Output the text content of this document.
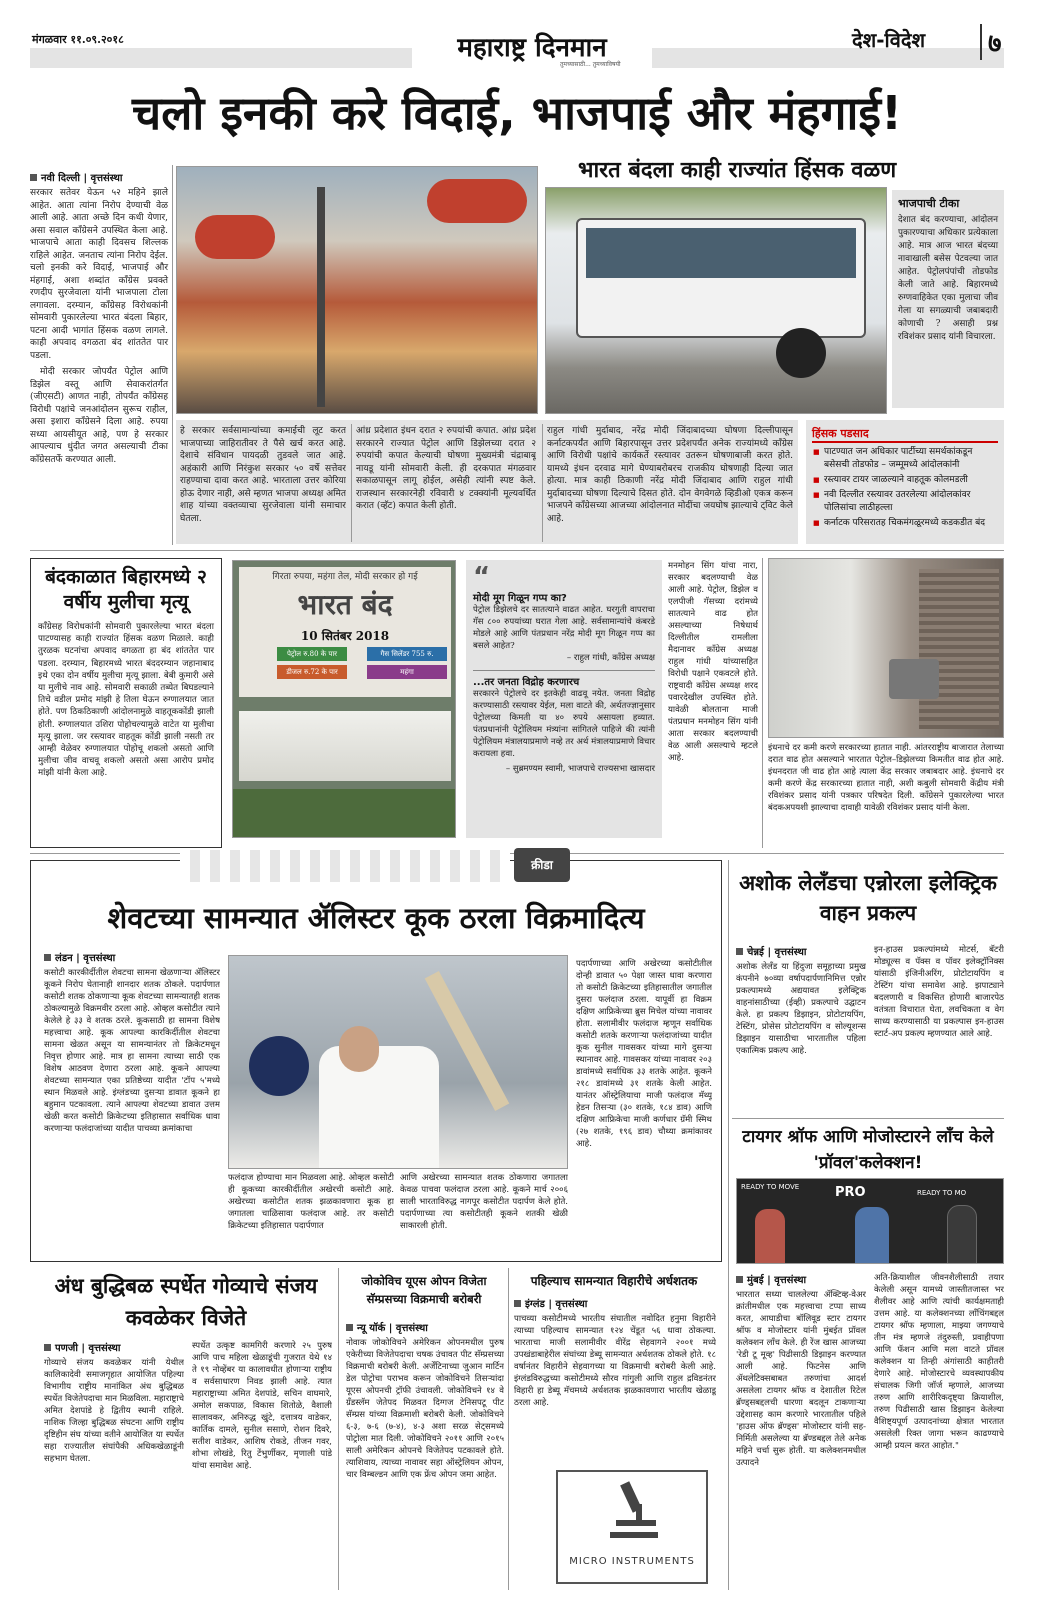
मंगळवार ११.०९.२०१८	महाराष्ट्र दिनमान
तुमच्यासाठी... तुमच्याविषयी
देश-विदेश	७
चलो इनकी करे विदाई, भाजपाई और मंहगाई!
नवी दिल्ली | वृत्तसंस्था
सरकार सतेवर येऊन ५२ महिने झाले आहेत. आता त्यांना निरोप देण्याची वेळ आली आहे. आता अच्छे दिन कधी येणार, असा सवाल काँग्रेसने उपस्थित केला आहे. भाजपाचे आता काही दिवसच शिल्लक राहिले आहेत. जनताच त्यांना निरोप देईल. चलो इनकी करे विदाई, भाजपाई और मंहगाई, अशा शब्दांत काँग्रेस प्रवक्ते रणदीप सुरजेवाला यांनी भाजपाला टोला लगावला. दरम्यान, काँग्रेसह विरोधकांनी सोमवारी पुकारलेल्या भारत बंदला बिहार, पटना आदी भागांत हिंसक वळण लागले. काही अपवाद वगळता बंद शांततेत पार पडला.
मोदी सरकार जोपर्यंत पेट्रोल आणि डिझेल वस्तू आणि सेवाकरांतर्गत (जीएसटी) आणत नाही, तोपर्यंत काँग्रेसह विरोधी पक्षांचे जनआंदोलन सुरूच राहील, असा इशारा काँग्रेसने दिला आहे. रुपया सध्या आयसीयूत आहे, पण हे सरकार आपल्याच धुंदीत जगत असल्याची टीका काँग्रेसतर्फे करण्यात आली.
भारत बंदला काही राज्यांत हिंसक वळण
भाजपाची टीका
देशात बंद करण्याचा, आंदोलन पुकारण्याचा अधिकार प्रत्येकाला आहे. मात्र आज भारत बंदच्या नावाखाली बसेस पेटवल्या जात आहेत. पेट्रोलपंपांची तोडफोड केली जाते आहे. बिहारमध्ये रुग्णवाहिकेत एका मुलाचा जीव गेला या सगळ्याची जबाबदारी कोणाची ? असाही प्रश्न रविशंकर प्रसाद यांनी विचारला.
हे सरकार सर्वसामान्यांच्या कमाईची लूट करत भाजपाच्या जाहिरातीवर ते पैसे खर्च करत आहे. देशाचे संविधान पायदळी तुडवले जात आहे. अहंकारी आणि निरंकुश सरकार ५० वर्षे सत्तेवर राहण्याचा दावा करत आहे. भारताला उत्तर कोरिया होऊ देणार नाही, असे म्हणत भाजपा अध्यक्ष अमित शाह यांच्या वक्तव्याचा सुरजेवाला यांनी समाचार घेतला.
आंध्र प्रदेशात इंधन दरात २ रुपयांची कपात. आंध्र प्रदेश सरकारने राज्यात पेट्रोल आणि डिझेलच्या दरात २ रुपयांची कपात केल्याची घोषणा मुख्यमंत्री चंद्राबाबू नायडू यांनी सोमवारी केली. ही दरकपात मंगळवार सकाळपासून लागू होईल, असेही त्यांनी स्पष्ट केले. राजस्थान सरकारनेही रविवारी ४ टक्क्यांनी मूल्यवर्धित करात (व्हॅट) कपात केली होती.
राहुल गांधी मुर्दाबाद, नरेंद्र मोदी जिंदाबादच्या घोषणा दिल्लीपासून कर्नाटकपर्यंत आणि बिहारपासून उत्तर प्रदेशपर्यंत अनेक राज्यांमध्ये काँग्रेस आणि विरोधी पक्षांचे कार्यकर्ते रस्त्यावर उतरून घोषणाबाजी करत होते. यामध्ये इंधन दरवाढ मागे घेण्याबरोबरच राजकीय घोषणाही दिल्या जात होत्या. मात्र काही ठिकाणी नरेंद्र मोदी जिंदाबाद आणि राहुल गांधी मुर्दाबादच्या घोषणा दिल्याचे दिसत होते. दोन वेगवेगळे व्हिडीओ एकत्र करून भाजपने काँग्रेसच्या आजच्या आंदोलनात मोदींचा जयघोष झाल्याचे ट्विट केले आहे.
हिंसक पडसाद
■ पाटण्यात जन अधिकार पार्टीच्या समर्थकांकडून बसेसची तोडफोड – जम्मूमध्ये आंदोलकांनी
■ रस्त्यावर टायर जाळल्याने वाहतूक कोलमडली
■ नवी दिल्लीत रस्त्यावर उतरलेल्या आंदोलकांवर पोलिसांचा लाठीहल्ला
■ कर्नाटक परिसरातह चिकमंगळूरमध्ये कडकडीत बंद
बंदकाळात बिहारमध्ये २ वर्षीय मुलीचा मृत्यू
काँग्रेसह विरोधकांनी सोमवारी पुकारलेल्या भारत बंदला पाटण्यासह काही राज्यांत हिंसक वळण मिळाले. काही तुरळक घटनांचा अपवाद वगळता हा बंद शांततेत पार पडला. दरम्यान, बिहारमध्ये भारत बंददरम्यान जहानाबाद इथे एका दोन वर्षीय मुलीचा मृत्यू झाला. बेबी कुमारी असे या मुलीचे नाव आहे. सोमवारी सकाळी तब्येत बिघडल्याने तिचे वडील प्रमोद मांझी हे तिला घेऊन रुग्णालयात जात होते. पण ठिकठिकाणी आंदोलनामुळे वाहतूककोंडी झाली होती. रुग्णालयात उशिरा पोहोचल्यामुळे वाटेत या मुलीचा मृत्यू झाला. जर रस्त्यावर वाहतूक कोंडी झाली नसती तर आम्ही वेळेवर रुग्णालयात पोहोचू शकलो असतो आणि मुलीचा जीव वाचवू शकलो असतो असा आरोप प्रमोद मांझी यांनी केला आहे.
गिरता रुपया, महंगा तेल, मोदी सरकार हो गई
भारत बंद
10 सितंबर 2018
पेट्रोल रु.80 के पार	गैस सिलेंडर 755 रु.
डीजल रु.72 के पार	महंगा
“
मोदी मूग गिळून गप्प का?
पेट्रोल डिझेलचे दर सातत्याने वाढत आहेत. घरगुती वापराचा गॅस ८०० रुपयांच्या घरात गेला आहे. सर्वसामान्यांचे कंबरडे मोडले आहे आणि पंतप्रधान नरेंद्र मोदी मूग गिळून गप्प का बसले आहेत?
– राहुल गांधी, काँग्रेस अध्यक्ष
...तर जनता विद्रोह करणारच
सरकारने पेट्रोलचे दर इतकेही वाढवू नयेत. जनता विद्रोह करण्यासाठी रस्त्यावर येईल, मला वाटते की, अर्थतज्ज्ञानुसार पेट्रोलच्या किमती या ४० रुपये असायला हव्यात. पंतप्रधानांनी पेट्रोलियम मंत्र्यांना सांगितले पाहिजे की त्यांनी पेट्रोलियम मंत्रालयाप्रमाणे नव्हे तर अर्थ मंत्रालयाप्रमाणे विचार करायला हवा.
– सुब्रमण्यम स्वामी, भाजपाचे राज्यसभा खासदार
मनमोहन सिंग यांचा नारा, सरकार बदलण्याची वेळ आली आहे. पेट्रोल, डिझेल व एलपीजी गॅसच्या दरांमध्ये सातत्याने वाढ होत असल्याच्या निषेधार्थ दिल्लीतील रामलीला मैदानावर काँग्रेस अध्यक्ष राहुल गांधी यांच्यासहित विरोधी पक्षाने एकवटले होते. राष्ट्रवादी काँग्रेस अध्यक्ष शरद पवारदेखील उपस्थित होते. यावेळी बोलताना माजी पंतप्रधान मनमोहन सिंग यांनी आता सरकार बदलण्याची वेळ आली असल्याचे म्हटले आहे.
इंधनाचे दर कमी करणे सरकारच्या हातात नाही. आंतरराष्ट्रीय बाजारात तेलाच्या दरात वाढ होत असल्याने भारतात पेट्रोल–डिझेलच्या किमतीत वाढ होत आहे. इंधनदरात जी वाढ होत आहे त्याला केंद्र सरकार जबाबदार आहे. इंधनाचे दर कमी करणे केंद्र सरकारच्या हातात नाही, अशी कबुली सोमवारी केंद्रीय मंत्री रविशंकर प्रसाद यांनी पत्रकार परिषदेत दिली. काँग्रेसने पुकारलेल्या भारत बंदकअपयशी झाल्याचा दावाही यावेळी रविशंकर प्रसाद यांनी केला.
क्रीडा
शेवटच्या सामन्यात ॲलिस्टर कूक ठरला विक्रमादित्य
लंडन | वृत्तसंस्था
कसोटी कारकीर्दीतील शेवटचा सामना खेळणाऱ्या ॲलिस्टर कूकने निरोप घेतानाही शानदार शतक ठोकले. पदार्पणात कसोटी शतक ठोकणाऱ्या कूक शेवटच्या सामन्यातही शतक ठोकल्यामुळे विक्रमवीर ठरला आहे. ओव्हल कसोटीत त्याने केलेले हे ३३ वे शतक ठरले. कूकसाठी हा सामना विशेष महत्त्वाचा आहे. कूक आपल्या कारकिर्दीतील शेवटचा सामना खेळत असून या सामन्यानंतर तो क्रिकेटमधून निवृत्त होणार आहे. मात्र हा सामना त्याच्या साठी एक विशेष आठवण देणारा ठरला आहे. कूकने आपल्या शेवटच्या सामन्यात एका प्रतिष्ठेच्या यादीत 'टॉप ५'मध्ये स्थान मिळवले आहे. इंग्लंडच्या दुसऱ्या डावात कूकने हा बहुमान पटकावला. त्याने आपल्या शेवटच्या डावात उत्तम खेळी करत कसोटी क्रिकेटच्या इतिहासात सर्वाधिक धावा करणाऱ्या फलंदाजांच्या यादीत पाचव्या क्रमांकाचा
फलंदाज होण्याचा मान मिळवला आहे. ओव्हल कसोटी ही कूकच्या कारकीर्दीतील अखेरची कसोटी आहे. अखेरच्या कसोटीत शतक झळकावणारा कूक हा जगातला चाळिसावा फलंदाज आहे. तर कसोटी क्रिकेटच्या इतिहासात पदार्पणात
आणि अखेरच्या सामन्यात शतक ठोकणारा जगातला केवळ पाचवा फलंदाज ठरला आहे. कूकने मार्च २००६ साली भारताविरुद्ध नागपूर कसोटीत पदार्पण केले होते. पदार्पणाच्या त्या कसोटीतही कूकने शतकी खेळी साकारली होती.
पदार्पणाच्या आणि अखेरच्या कसोटीतील दोन्ही डावात ५० पेक्षा जास्त धावा करणारा तो कसोटी क्रिकेटच्या इतिहासातील जगातील दुसरा फलंदाज ठरला. यापूर्वी हा विक्रम दक्षिण आफ्रिकेच्या ब्रुस मिचेल यांच्या नावावर होता. सलामीवीर फलंदाज म्हणून सर्वाधिक कसोटी शतके करणाऱ्या फलंदाजांच्या यादीत कूक सुनील गावसकर यांच्या मागे दुसऱ्या स्थानावर आहे. गावसकर यांच्या नावावर २०३ डावांमध्ये सर्वाधिक ३३ शतके आहेत. कूकने २१८ डावांमध्ये ३१ शतके केली आहेत. यानंतर ऑस्ट्रेलियाचा माजी फलंदाज मॅथ्यू हेडन तिसऱ्या (३० शतके, १८४ डाव) आणि दक्षिण आफ्रिकेचा माजी कर्णधार ग्रॅमी स्मिथ (२७ शतके, १९६ डाव) चौथ्या क्रमांकावर आहे.
अशोक लेलँडचा एन्नोरला इलेक्ट्रिक वाहन प्रकल्प
चेन्नई | वृत्तसंस्था
अशोक लेलँड या हिंदुजा समूहाच्या प्रमुख कंपनीने ७०व्या वर्षापदार्पणानिमित्त एन्नोर प्रकल्पामध्ये अद्ययावत इलेक्ट्रिक वाहनांसाठीच्या (ईव्ही) प्रकल्पाचे उद्घाटन केले. हा प्रकल्प डिझाइन, प्रोटोटायपिंग, टेस्टिंग, प्रोसेस प्रोटोटायपिंग व सोल्यूशन्स डिझाइन यासाठीचा भारतातील पहिला एकात्मिक प्रकल्प आहे.
इन-हाउस प्रकल्पांमध्ये मोटर्स, बॅटरी मोड्यूल्स व पॅक्स व पॉवर इलेक्ट्रॉनिक्स यांसाठी इंजिनीअरिंग, प्रोटोटायपिंग व टेस्टिंग यांचा समावेश आहे. झपाट्याने बदलणारी व विकसित होणारी बाजारपेठ वतंत्रता विचारात घेता, लवचिकता व वेग साध्य करण्यासाठी या प्रकल्पास इन-हाउस स्टार्ट-अप प्रकल्प म्हणण्यात आले आहे.
टायगर श्रॉफ आणि मोजोस्टारने लाँच केले 'प्रॉवल'कलेक्शन!
READY TO MOVE	PRO	READY TO MO
मुंबई | वृत्तसंस्था
भारतात सध्या चाललेल्या ॲक्टिव्ह-वेअर क्रांतीमधील एक महत्त्वाचा टप्पा साध्य करत, आघाडीचा बॉलिवूड स्टार टायगर श्रॉफ व मोजोस्टार यांनी मुंबईत प्रॉवल कलेक्शन लॉंच केले. ही रेंज खास आजच्या 'रेडी टू मूव्ह' पिढीसाठी डिझाइन करण्यात आली आहे. फिटनेस आणि ॲथलेटिक्सबाबत तरुणांचा आदर्श असलेला टायगर श्रॉफ व देशातील रिटेल ब्रॅण्ड्सबद्दलची धारणा बदलून टाकणाऱ्या उद्देशासह काम करणारे भारतातील पहिले 'हाउस ऑफ ब्रॅण्ड्स' मोजोस्टार यांनी सह-निर्मिती असलेल्या या ब्रॅण्डबद्दल तेले अनेक महिने चर्चा सुरू होती. या कलेक्शनमधील उत्पादने
अति-क्रियाशील जीवनशैलीसाठी तयार केलेली असून यामध्ये जास्तीतजास्त भर शैलीवर आहे आणि त्यांची कार्यक्षमताही उत्तम आहे. या कलेक्शनच्या लॉंचिंगबद्दल टायगर श्रॉफ म्हणाला, माझ्या जगण्याचे तीन मंत्र म्हणजे तंदुरुस्ती, प्रवाहीपणा आणि फॅशन आणि मला वाटते प्रॉवल कलेक्शन या तिन्ही अंगांसाठी काहीतरी देणारे आहे. मोजोस्टारचे व्यवस्थापकीय संचालक जिगी जॉर्ज म्हणाले, आजच्या तरुण आणि शारीरिकदृष्ट्या क्रियाशील, तरुण पिढीसाठी खास डिझाइन केलेल्या वैशिष्ट्यपूर्ण उत्पादनांच्या क्षेत्रात भारतात असलेली रिक्त जागा भरून काढण्याचे आम्ही प्रयत्न करत आहोत."
अंध बुद्धिबळ स्पर्धेत गोव्याचे संजय कवळेकर विजेते
पणजी | वृत्तसंस्था
गोव्याचे संजय कवळेकर यांनी येथील कालिकादेवी समाजगृहात आयोजित पहिल्या विभागीय राष्ट्रीय मानांकित अंध बुद्धिबळ स्पर्धेत विजेतेपदाचा मान मिळविला. महाराष्ट्राचे अमित देशपांडे हे द्वितीय स्थानी राहिले. नाशिक जिल्हा बुद्धिबळ संघटना आणि राष्ट्रीय दृष्टिहीन संघ यांच्या वतीने आयोजित या स्पर्धेत सहा राज्यातील संघांपैकी अधिकखेळाडूंनी सहभाग घेतला.
स्पर्धेत उत्कृष्ट कामगिरी करणारे २५ पुरुष आणि पाच महिला खेळाडूंची गुजरात येथे १४ ते १९ नोव्हेंबर या कालावधीत होणाऱ्या राष्ट्रीय व सर्वसाधारण निवड झाली आहे. त्यात महाराष्ट्राच्या अमित देशपांडे, सचिन वाघमारे, अमोल सकपाळ, विकास शितोळे, वैशाली सालावकर, अनिरुद्ध खुंटे, दत्तात्रय वाडेकर, कार्तिक दामले, सुनील ससाणे, रोशन दिवरे, सतीश वाडेकर, आशिष रोकडे, तीजन गवर, शोभा लोखंडे, रितु टेंभुर्णीकर, मृणाली पांडे यांचा समावेश आहे.
जोकोविच यूएस ओपन विजेता सॅम्प्रसच्या विक्रमाची बरोबरी
न्यू यॉर्क | वृत्तसंस्था
नोवाक जोकोविचने अमेरिकन ओपनमधील पुरुष एकेरीच्या विजेतेपदाचा चषक उंचावत पीट सॅम्प्रसच्या विक्रमाची बरोबरी केली. अर्जेंटिनाच्या जुआन मार्टिन डेल पोट्रोचा पराभव करून जोकोविचने तिसऱ्यांदा यूएस ओपनची ट्रॉफी उंचावली. जोकोविचने १४ वे ग्रँडस्लॅम जेतेपद मिळवत दिग्गज टेनिसपटू पीट सॅम्प्रस यांच्या विक्रमाशी बरोबरी केली. जोकोविचने ६-३, ७-६ (७-४), ४-३ अशा सरळ सेट्समध्ये पोट्रोला मात दिली. जोकोविचने २०११ आणि २०१५ साली अमेरिकन ओपनचे विजेतेपद पटकावले होते. त्याशिवाय, त्याच्या नावावर सहा ऑस्ट्रेलियन ओपन, चार विम्बल्डन आणि एक फ्रेंच ओपन जमा आहेत.
पहिल्याच सामन्यात विहारीचे अर्धशतक
इंग्लंड | वृत्तसंस्था
पाचव्या कसोटीमध्ये भारतीय संघातील नवोदित हनुमा विहारीने त्याच्या पहिल्याच सामन्यात १२४ चेंडूत ५६ धावा ठोकल्या. भारताचा माजी सलामीवीर वीरेंद्र सेहवागने २००१ मध्ये उपखंडाबाहेरील संघांच्या डेब्यू सामन्यात अर्धशतक ठोकले होते. १८ वर्षानंतर विहारीने सेहवागच्या या विक्रमाची बरोबरी केली आहे. इंग्लंडविरुद्धच्या कसोटीमध्ये सौरव गांगुली आणि राहुल द्रविडनंतर विहारी हा डेब्यू मॅचमध्ये अर्धशतक झळकावणारा भारतीय खेळाडू ठरला आहे.
MICRO INSTRUMENTS
